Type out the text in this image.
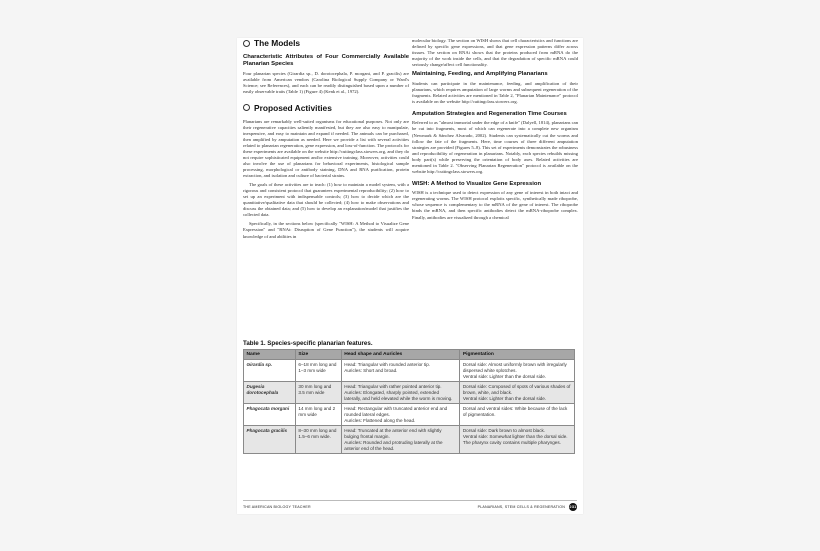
The Models
Characteristic Attributes of Four Commercially Available Planarian Species

Four planarian species (Girardia sp., D. dorotocephala, P. morgani, and P. gracilis) are available from American vendors (Carolina Biological Supply Company or Ward's Science; see References), and each can be readily distinguished based upon a number of easily observable traits (Table 1) (Figure 4) (Kenk et al., 1972).

Proposed Activities

Planarians are remarkably well-suited organisms for educational purposes. Not only are their regenerative capacities saliently manifested, but they are also easy to manipulate, inexpensive, and easy to maintain and expand if needed. The animals can be purchased, then amplified by amputation as needed. Here we provide a list with several activities related to planarian regeneration, gene expression, and loss-of-function. The protocols for these experiments are available on the website http://cuttingclass.stowers.org, and they do not require sophisticated equipment and/or extensive training. Moreover, activities could also involve the use of planarians for behavioral experiments, histological sample processing, morphological or antibody staining, DNA and RNA purification, protein extraction, and isolation and culture of bacterial strains.

The goals of these activities are to teach: (1) how to maintain a model system, with a rigorous and consistent protocol that guarantees experimental reproducibility; (2) how to set up an experiment with indispensable controls; (3) how to decide which are the quantitative/qualitative data that should be collected; (4) how to make observations and discuss the obtained data; and (5) how to develop an explanation/model that justifies the collected data.

Specifically, in the sections below (specifically "WISH: A Method to Visualize Gene Expression" and "RNAi: Disruption of Gene Function"), the students will acquire knowledge of and abilities in

molecular biology. The section on WISH shows that cell characteristics and functions are defined by specific gene expressions, and that gene expression patterns differ across tissues. The section on RNAi shows that the proteins produced from mRNA do the majority of the work inside the cells, and that the degradation of specific mRNA could seriously change/affect cell functionality.

Maintaining, Feeding, and Amplifying Planarians

Students can participate in the maintenance, feeding, and amplification of their planarians, which requires amputation of large worms and subsequent regeneration of the fragments. Related activities are mentioned in Table 2, "Planarian Maintenance" protocol is available on the website http://cuttingclass.stowers.org.

Amputation Strategies and Regeneration Time Courses

Referred to as "almost immortal under the edge of a knife" (Dalyell, 1814), planarians can be cut into fragments, most of which can regenerate into a complete new organism (Newmark & Sánchez Alvarado, 2002). Students can systematically cut the worms and follow the fate of the fragments. Here, time courses of three different amputation strategies are provided (Figures 5–8). This set of experiments demonstrates the robustness and reproducibility of regeneration in planarians. Notably, each species rebuilds missing body part(s) while preserving the orientation of body axes. Related activities are mentioned in Table 2. "Observing Planarian Regeneration" protocol is available on the website http://cuttingclass.stowers.org.

WISH: A Method to Visualize Gene Expression

WISH is a technique used to detect expression of any gene of interest in both intact and regenerating worms. The WISH protocol exploits specific, synthetically made riboprobe, whose sequence is complementary to the mRNA of the gene of interest. The riboprobe binds the mRNA, and then specific antibodies detect the mRNA-riboprobe complex. Finally, antibodies are visualized through a chemical

Table 1. Species-specific planarian features.
Name	Size	Head shape and Auricles	Pigmentation
Girardia sp.	6–18 mm long and 1–3 mm wide	Head: Triangular with rounded anterior tip.
Auricles: Short and broad.	Dorsal side: Almost uniformly brown with irregularly dispersed white splotches.
Ventral side: Lighter than the dorsal side.
Dugesia dorotocephala	30 mm long and 3.5 mm wide	Head: Triangular with rather pointed anterior tip.
Auricles: Elongated, sharply pointed, extended laterally, and held elevated while the worm is moving.	Dorsal side: Composed of spots of various shades of brown, white, and black.
Ventral side: Lighter than the dorsal side.
Phagocata morgani	14 mm long and 2 mm wide	Head: Rectangular with truncated anterior end and rounded lateral edges.
Auricles: Flattened along the head.	Dorsal and ventral sides: White because of the lack of pigmentation.
Phagocata gracilis	8–30 mm long and 1.5–6 mm wide.	Head: Truncated at the anterior end with slightly bulging frontal margin.
Auricles: Rounded and protruding laterally at the anterior end of the head.	Dorsal side: Dark brown to almost black.
Ventral side: Somewhat lighter than the dorsal side. The pharynx cavity contains multiple pharynges.
THE AMERICAN BIOLOGY TEACHER	PLANARIANS, STEM CELLS & REGENERATION 231
